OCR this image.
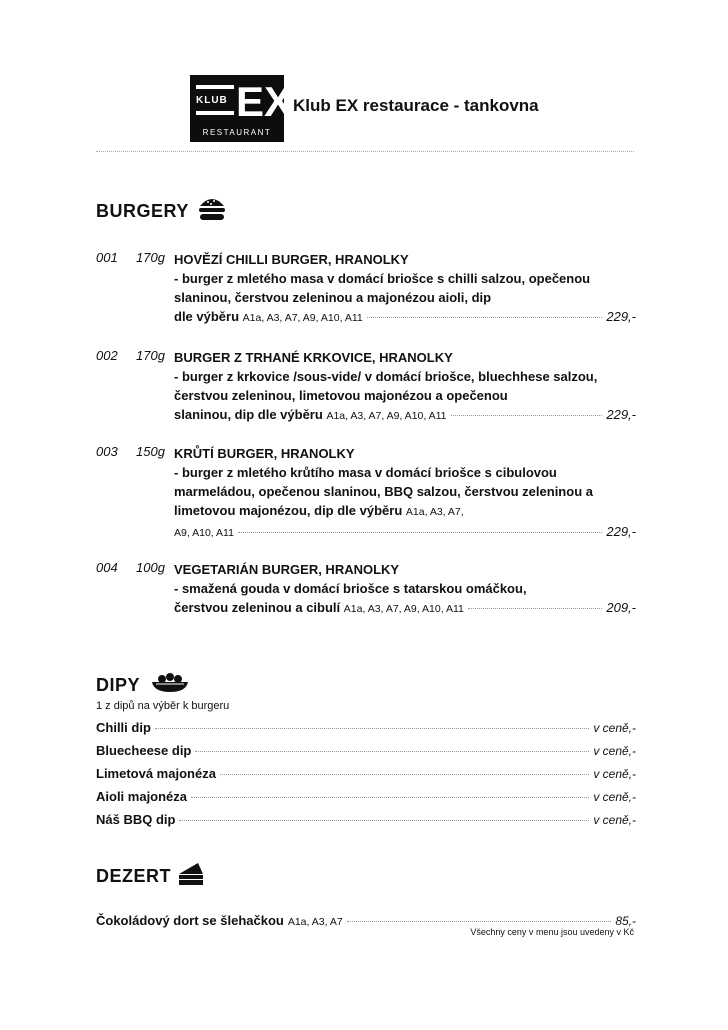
KLUB EX
RESTAURANT
Klub EX restaurace - tankovna
BURGERY
001 170g HOVĚZÍ CHILLI BURGER, HRANOLKY
- burger z mletého masa v domácí briošce s chilli salzou, opečenou slaninou, čerstvou zeleninou a majonézou aioli, dip
dle výběru A1a, A3, A7, A9, A10, A11	229,-
002 170g BURGER Z TRHANÉ KRKOVICE, HRANOLKY
- burger z krkovice /sous-vide/ v domácí briošce, bluechhese salzou, čerstvou zeleninou, limetovou majonézou a opečenou
slaninou, dip dle výběru A1a, A3, A7, A9, A10, A11	229,-
003 150g KRŮTÍ BURGER, HRANOLKY
- burger z mletého krůtího masa v domácí briošce s cibulovou marmeládou, opečenou slaninou, BBQ salzou, čerstvou zeleninou a limetovou majonézou, dip dle výběru A1a, A3, A7,
A9, A10, A11	229,-
004 100g VEGETARIÁN BURGER, HRANOLKY
- smažená gouda v domácí briošce s tatarskou omáčkou,
čerstvou zeleninou a cibulí A1a, A3, A7, A9, A10, A11	209,-
DIPY
1 z dipů na výběr k burgeru
Chilli dip	v ceně,-
Bluecheese dip	v ceně,-
Limetová majonéza	v ceně,-
Aioli majonéza	v ceně,-
Náš BBQ dip	v ceně,-
DEZERT
Čokoládový dort se šlehačkou A1a, A3, A7	85,-
Všechny ceny v menu jsou uvedeny v Kč
